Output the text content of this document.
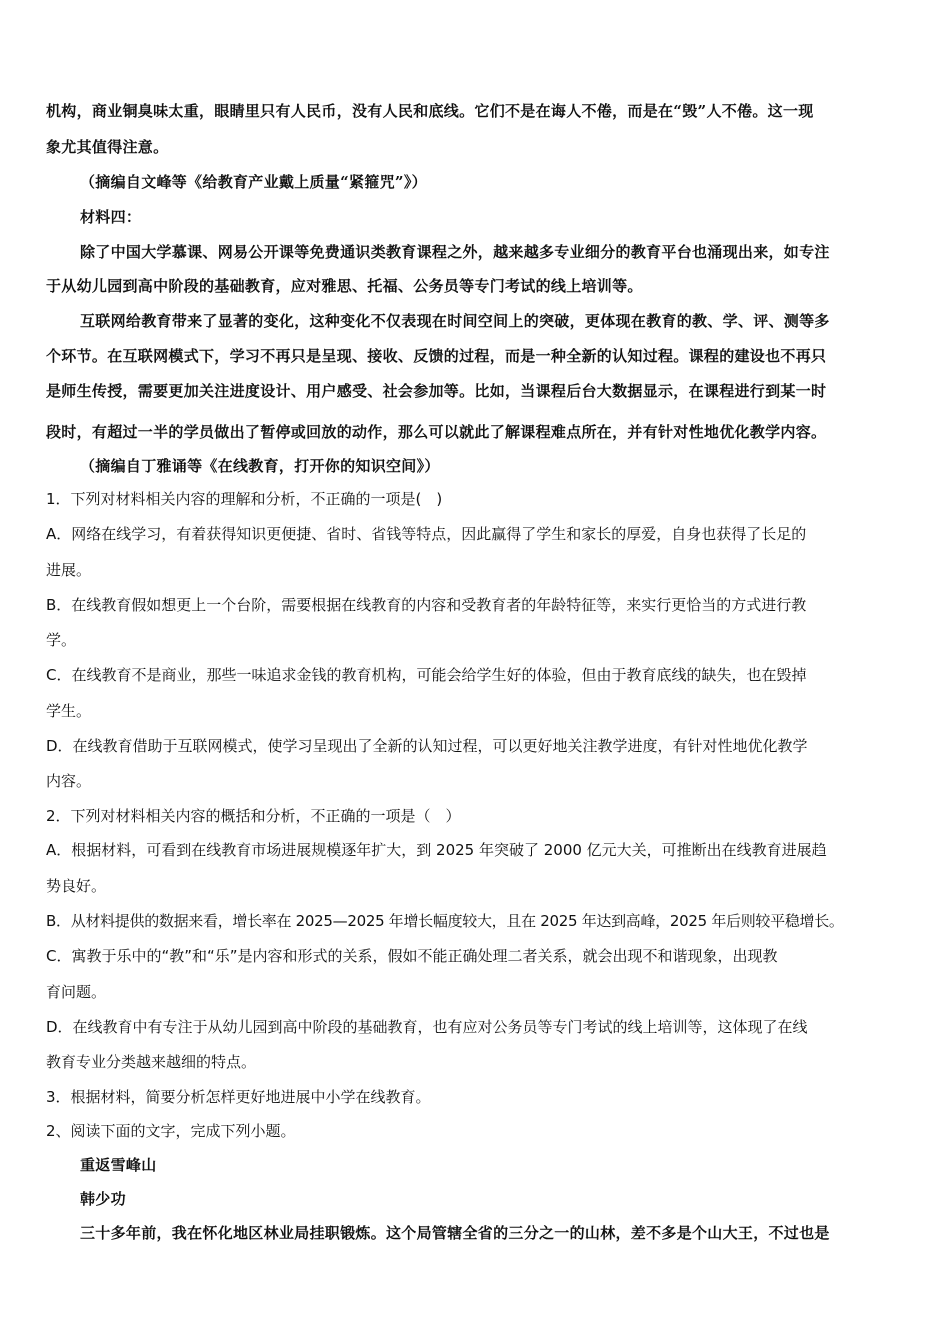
机构，商业铜臭味太重，眼睛里只有人民币，没有人民和底线。它们不是在诲人不倦，而是在“毁”人不倦。这一现
象尤其值得注意。
（摘编自文峰等《给教育产业戴上质量“紧箍咒”》）
材料四：
除了中国大学慕课、网易公开课等免费通识类教育课程之外，越来越多专业细分的教育平台也涌现出来，如专注
于从幼儿园到高中阶段的基础教育，应对雅思、托福、公务员等专门考试的线上培训等。
互联网给教育带来了显著的变化，这种变化不仅表现在时间空间上的突破，更体现在教育的教、学、评、测等多
个环节。在互联网模式下，学习不再只是呈现、接收、反馈的过程，而是一种全新的认知过程。课程的建设也不再只
是师生传授，需要更加关注进度设计、用户感受、社会参加等。比如，当课程后台大数据显示，在课程进行到某一时
段时，有超过一半的学员做出了暂停或回放的动作，那么可以就此了解课程难点所在，并有针对性地优化教学内容。
（摘编自丁雅诵等《在线教育，打开你的知识空间》）
1．下列对材料相关内容的理解和分析，不正确的一项是(　)
A．网络在线学习，有着获得知识更便捷、省时、省钱等特点，因此赢得了学生和家长的厚爱，自身也获得了长足的
进展。
B．在线教育假如想更上一个台阶，需要根据在线教育的内容和受教育者的年龄特征等，来实行更恰当的方式进行教
学。
C．在线教育不是商业，那些一味追求金钱的教育机构，可能会给学生好的体验，但由于教育底线的缺失，也在毁掉
学生。
D．在线教育借助于互联网模式，使学习呈现出了全新的认知过程，可以更好地关注教学进度，有针对性地优化教学
内容。
2．下列对材料相关内容的概括和分析，不正确的一项是（　）
A．根据材料，可看到在线教育市场进展规模逐年扩大，到 2025 年突破了 2000 亿元大关，可推断出在线教育进展趋
势良好。
B．从材料提供的数据来看，增长率在 2025—2025 年增长幅度较大，且在 2025 年达到高峰，2025 年后则较平稳增长。
C．寓教于乐中的“教”和“乐”是内容和形式的关系，假如不能正确处理二者关系，就会出现不和谐现象，出现教
育问题。
D．在线教育中有专注于从幼儿园到高中阶段的基础教育，也有应对公务员等专门考试的线上培训等，这体现了在线
教育专业分类越来越细的特点。
3．根据材料，简要分析怎样更好地进展中小学在线教育。
2、阅读下面的文字，完成下列小题。
重返雪峰山
韩少功
三十多年前，我在怀化地区林业局挂职锻炼。这个局管辖全省的三分之一的山林，差不多是个山大王，不过也是
